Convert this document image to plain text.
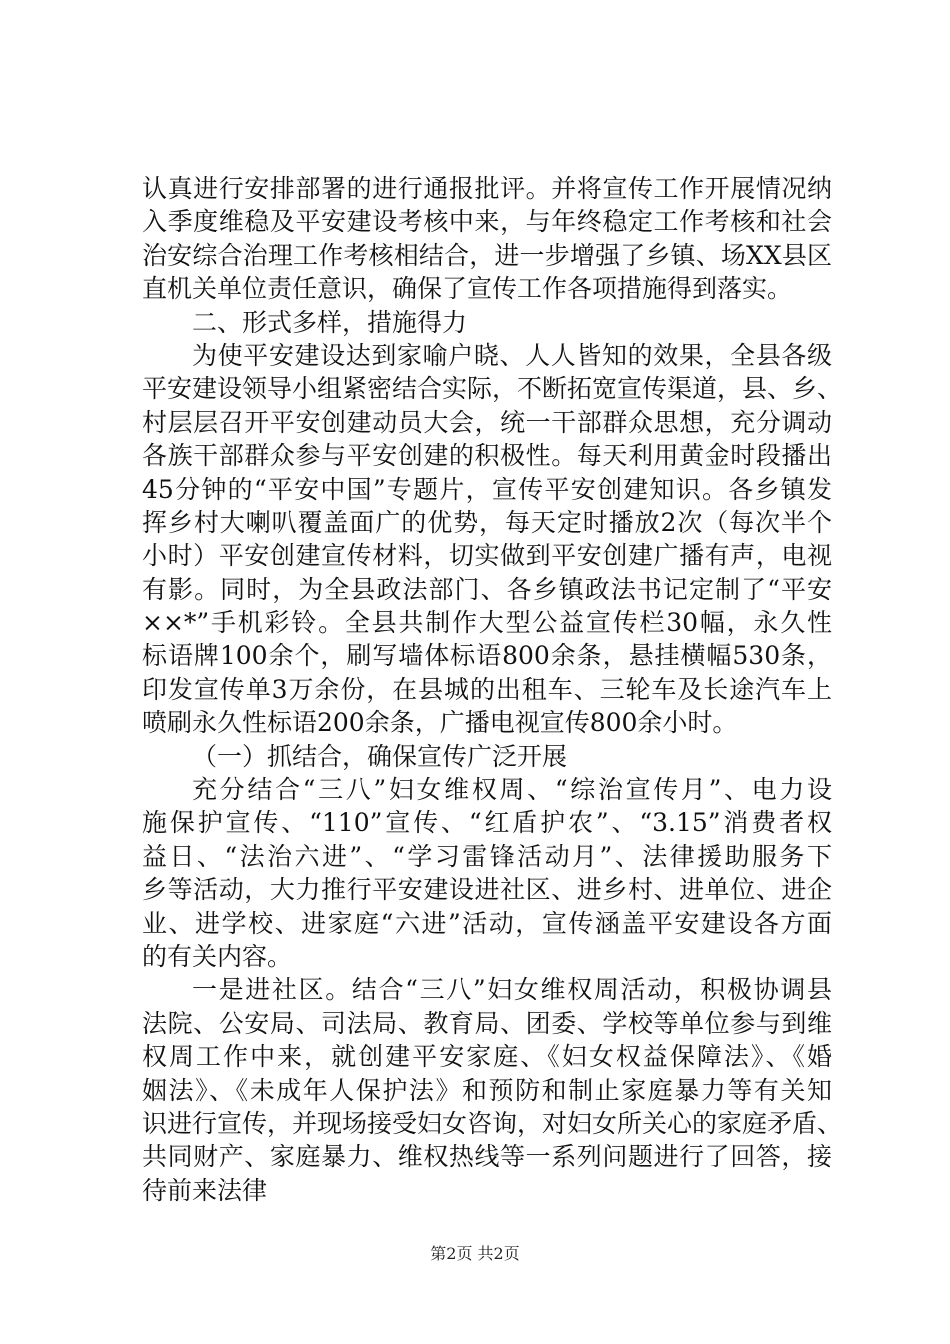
认真进行安排部署的进行通报批评。并将宣传工作开展情况纳
入季度维稳及平安建设考核中来，与年终稳定工作考核和社会
治安综合治理工作考核相结合，进一步增强了乡镇、场XX县区
直机关单位责任意识，确保了宣传工作各项措施得到落实。
二、形式多样，措施得力
为使平安建设达到家喻户晓、人人皆知的效果，全县各级
平安建设领导小组紧密结合实际，不断拓宽宣传渠道，县、乡、
村层层召开平安创建动员大会，统一干部群众思想，充分调动
各族干部群众参与平安创建的积极性。每天利用黄金时段播出
45分钟的“平安中国”专题片，宣传平安创建知识。各乡镇发
挥乡村大喇叭覆盖面广的优势，每天定时播放2次（每次半个
小时）平安创建宣传材料，切实做到平安创建广播有声，电视
有影。同时，为全县政法部门、各乡镇政法书记定制了“平安
××*”手机彩铃。全县共制作大型公益宣传栏30幅，永久性
标语牌100余个，刷写墙体标语800余条，悬挂横幅530条，
印发宣传单3万余份，在县城的出租车、三轮车及长途汽车上
喷刷永久性标语200余条，广播电视宣传800余小时。
（一）抓结合，确保宣传广泛开展
充分结合“三八”妇女维权周、“综治宣传月”、电力设
施保护宣传、“110”宣传、“红盾护农”、“3.15”消费者权
益日、“法治六进”、“学习雷锋活动月”、法律援助服务下
乡等活动，大力推行平安建设进社区、进乡村、进单位、进企
业、进学校、进家庭“六进”活动，宣传涵盖平安建设各方面
的有关内容。
一是进社区。结合“三八”妇女维权周活动，积极协调县
法院、公安局、司法局、教育局、团委、学校等单位参与到维
权周工作中来，就创建平安家庭、《妇女权益保障法》、《婚
姻法》、《未成年人保护法》和预防和制止家庭暴力等有关知
识进行宣传，并现场接受妇女咨询，对妇女所关心的家庭矛盾、
共同财产、家庭暴力、维权热线等一系列问题进行了回答，接
待前来法律
第2页 共2页
